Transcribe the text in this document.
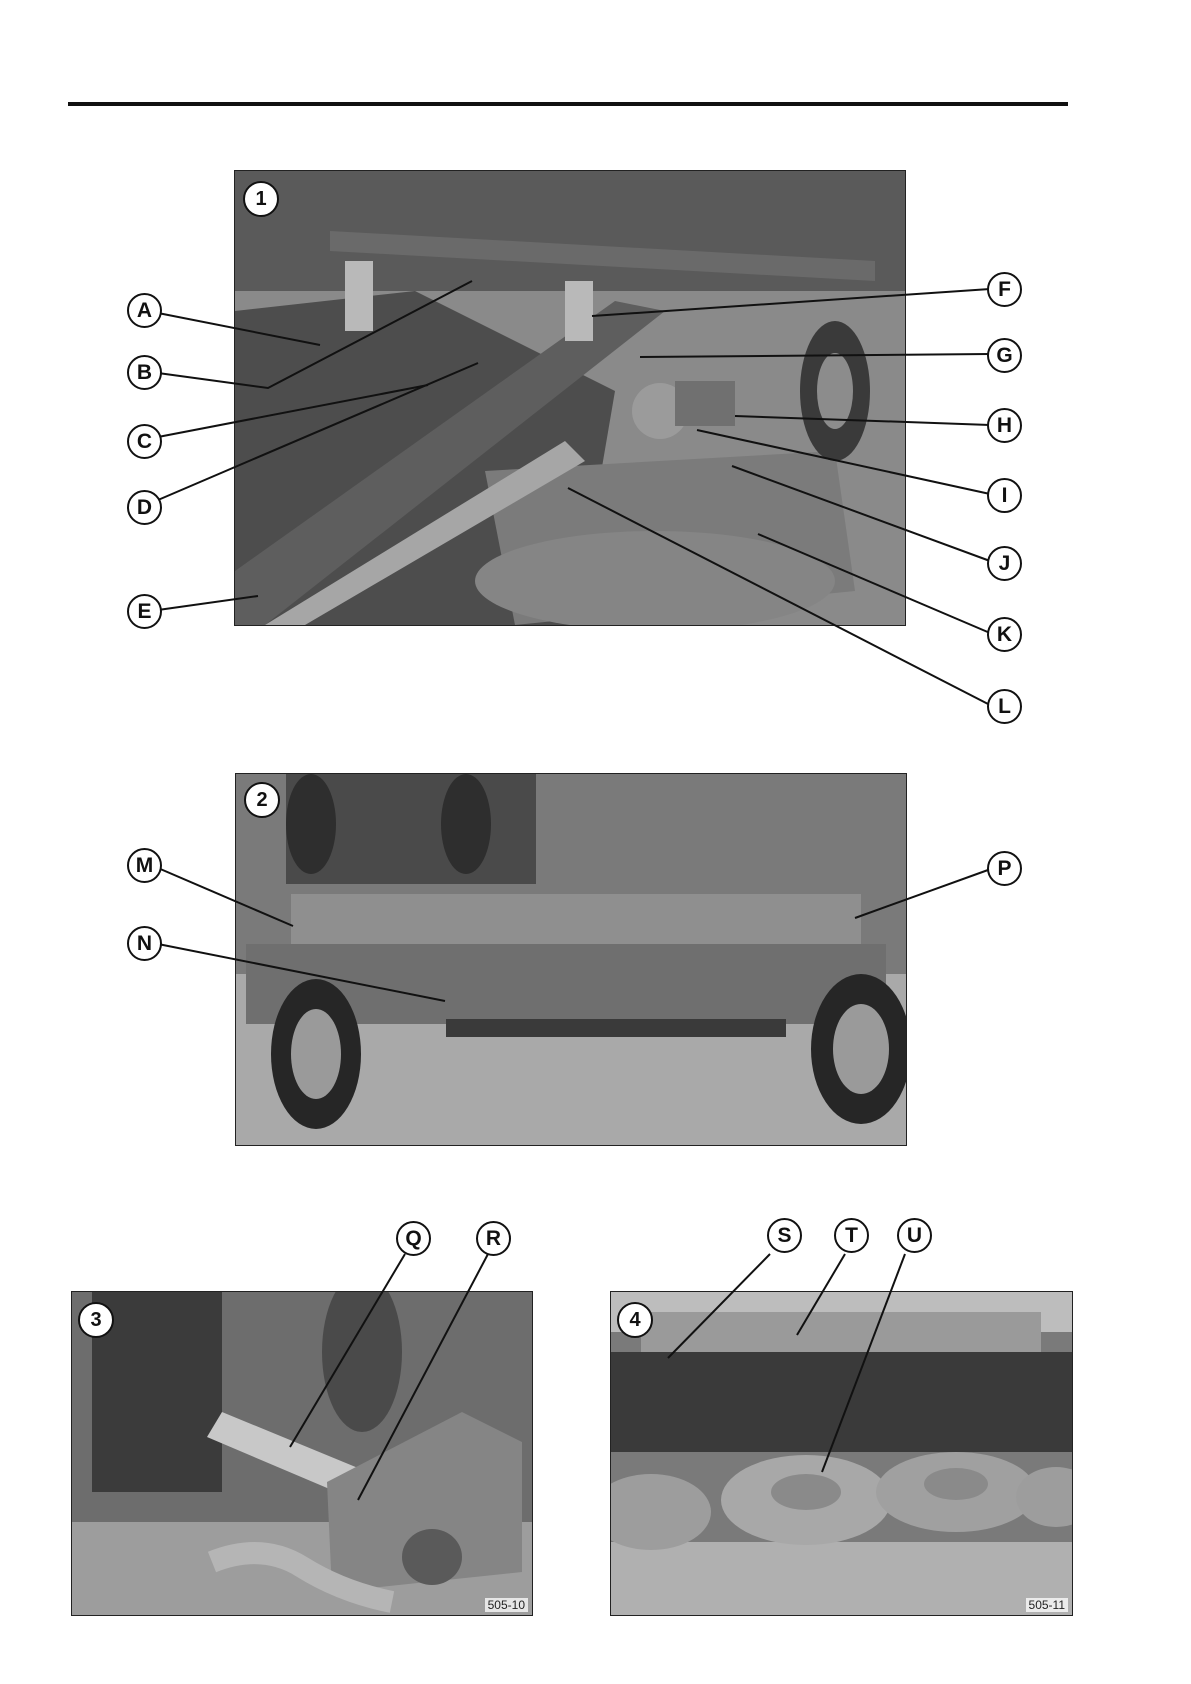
1
2
3
505-10
4
505-11
A
B
C
D
E
F
G
H
I
J
K
L
M
N
P
Q	R	S	T	U
